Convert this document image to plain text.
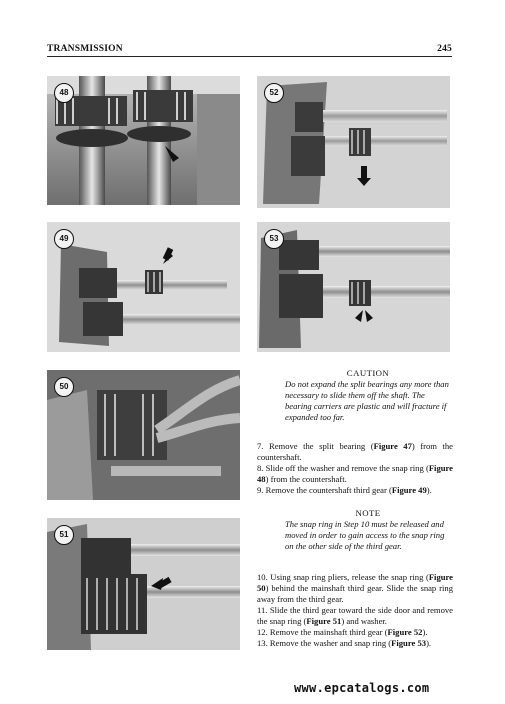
TRANSMISSION	245
48	52
49	53
50
51
CAUTION
Do not expand the split bearings any more than necessary to slide them off the shaft. The bearing carriers are plastic and will fracture if expanded too far.

7. Remove the split bearing (Figure 47) from the countershaft.

8. Slide off the washer and remove the snap ring (Figure 48) from the countershaft.

9. Remove the countershaft third gear (Figure 49).

NOTE
The snap ring in Step 10 must be released and moved in order to gain access to the snap ring on the other side of the third gear.

10. Using snap ring pliers, release the snap ring (Figure 50) behind the mainshaft third gear. Slide the snap ring away from the third gear.

11. Slide the third gear toward the side door and remove the snap ring (Figure 51) and washer.

12. Remove the mainshaft third gear (Figure 52).

13. Remove the washer and snap ring (Figure 53).

www.epcatalogs.com
